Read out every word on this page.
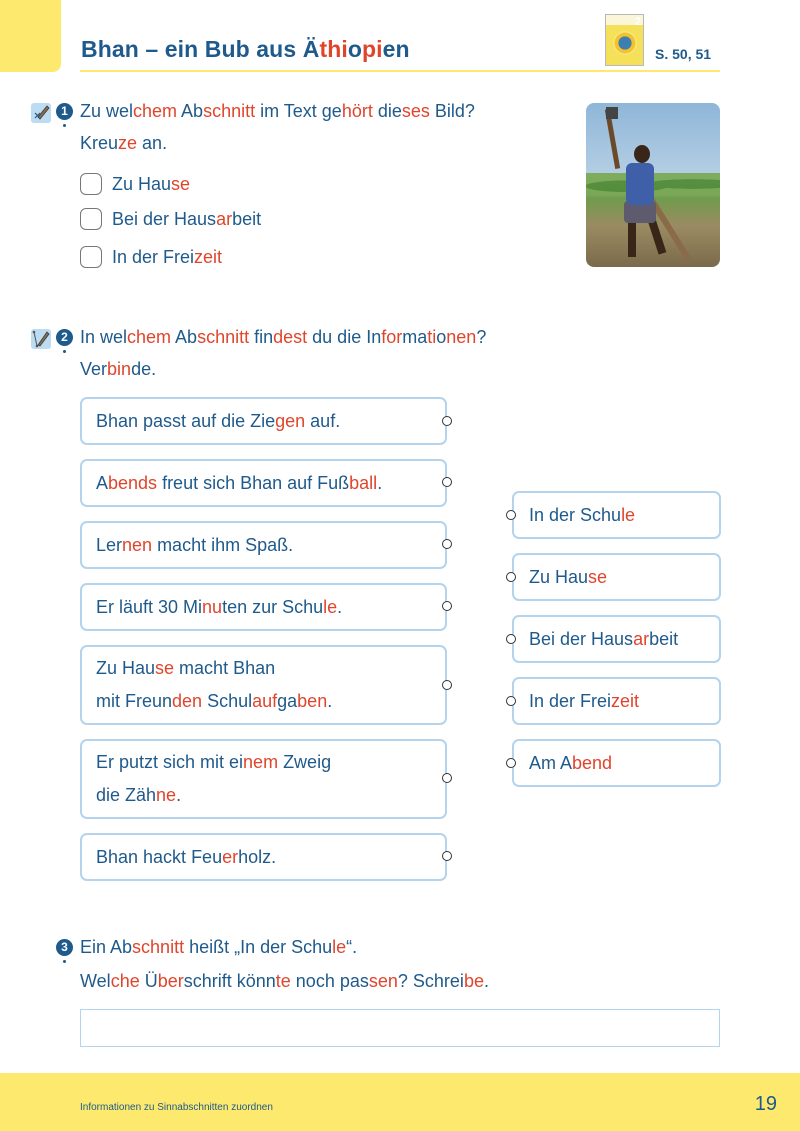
Bhan – ein Bub aus Äthiopien
2
S. 50, 51
1 Zu welchem Abschnitt im Text gehört dieses Bild?
Kreuze an.
Zu Hause
Bei der Hausarbeit
In der Freizeit
2 In welchem Abschnitt findest du die Informationen?
Verbinde.
Bhan passt auf die Ziegen auf.
Abends freut sich Bhan auf Fußball.
Lernen macht ihm Spaß.
Er läuft 30 Minuten zur Schule.
Zu Hause macht Bhan
mit Freunden Schulaufgaben.
Er putzt sich mit einem Zweig
die Zähne.
Bhan hackt Feuerholz.
In der Schule
Zu Hause
Bei der Hausarbeit
In der Freizeit
Am Abend
3 Ein Abschnitt heißt „In der Schule“.
Welche Überschrift könnte noch passen? Schreibe.
Informationen zu Sinnabschnitten zuordnen	19
